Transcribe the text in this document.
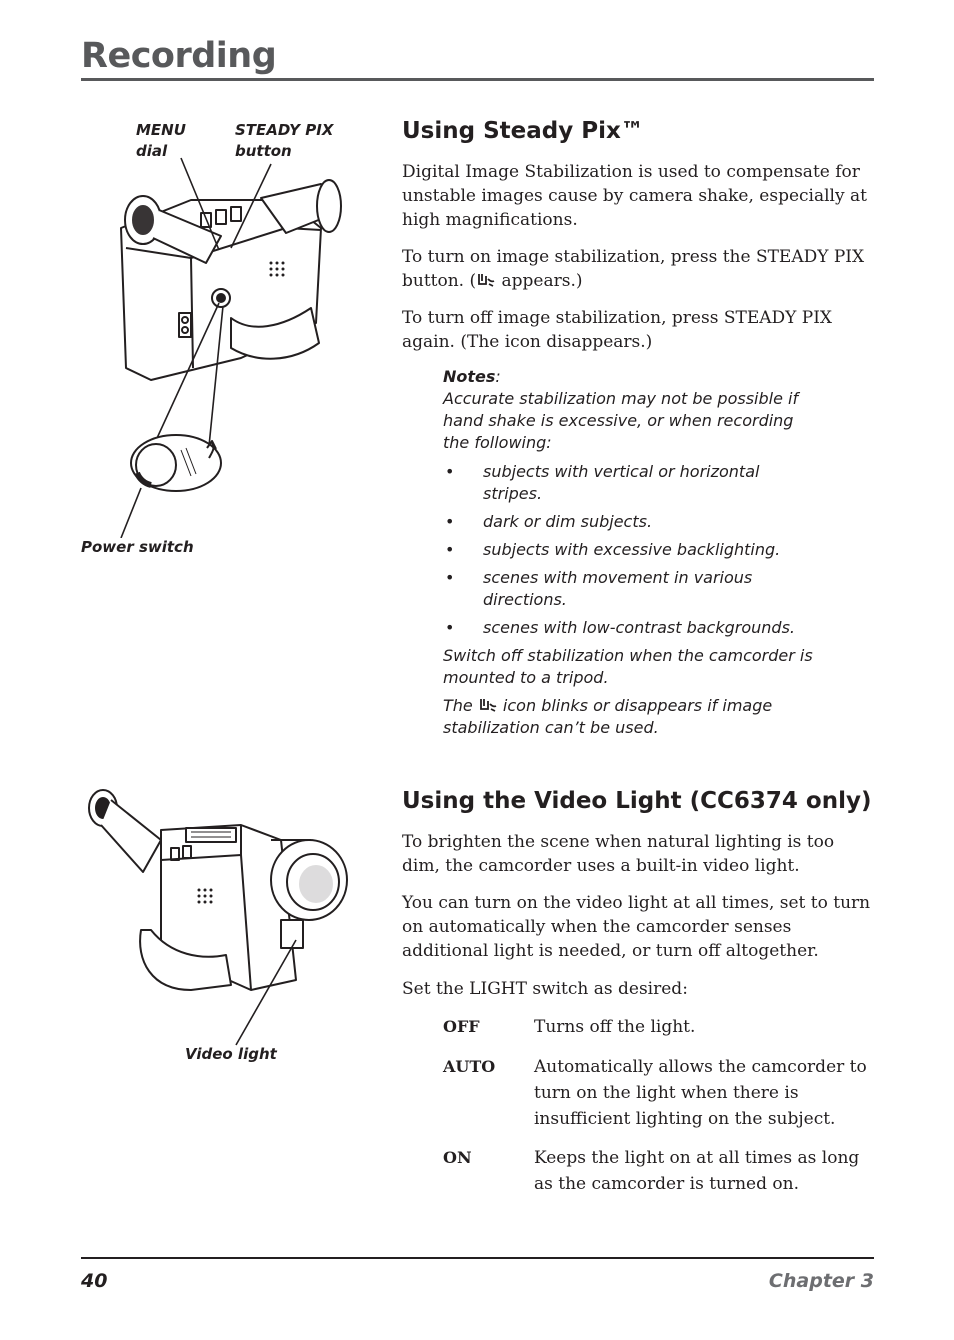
Recording

MENU
dial

STEADY PIX
button

Power switch

Using Steady Pix™

Digital Image Stabilization is used to compensate for unstable images cause by camera shake, especially at high magnifications.

To turn on image stabilization, press the STEADY PIX button. ( appears.)

To turn off image stabilization, press STEADY PIX again. (The icon disappears.)

Notes:

Accurate stabilization may not be possible if hand shake is excessive, or when recording the following:

• subjects with vertical or horizontal stripes.
• dark or dim subjects.
• subjects with excessive backlighting.
• scenes with movement in various directions.
• scenes with low-contrast backgrounds.

Switch off stabilization when the camcorder is mounted to a tripod.

The  icon blinks or disappears if image stabilization can’t be used.

Video light

Using the Video Light (CC6374 only)

To brighten the scene when natural lighting is too dim, the camcorder uses a built-in video light.

You can turn on the video light at all times, set to turn on automatically when the camcorder senses additional light is needed, or turn off altogether.

Set the LIGHT switch as desired:

OFF	Turns off the light.
AUTO Automatically allows the camcorder to turn on the light when there is insufficient lighting on the subject.
ON	Keeps the light on at all times as long as the camcorder is turned on.
40	Chapter 3
